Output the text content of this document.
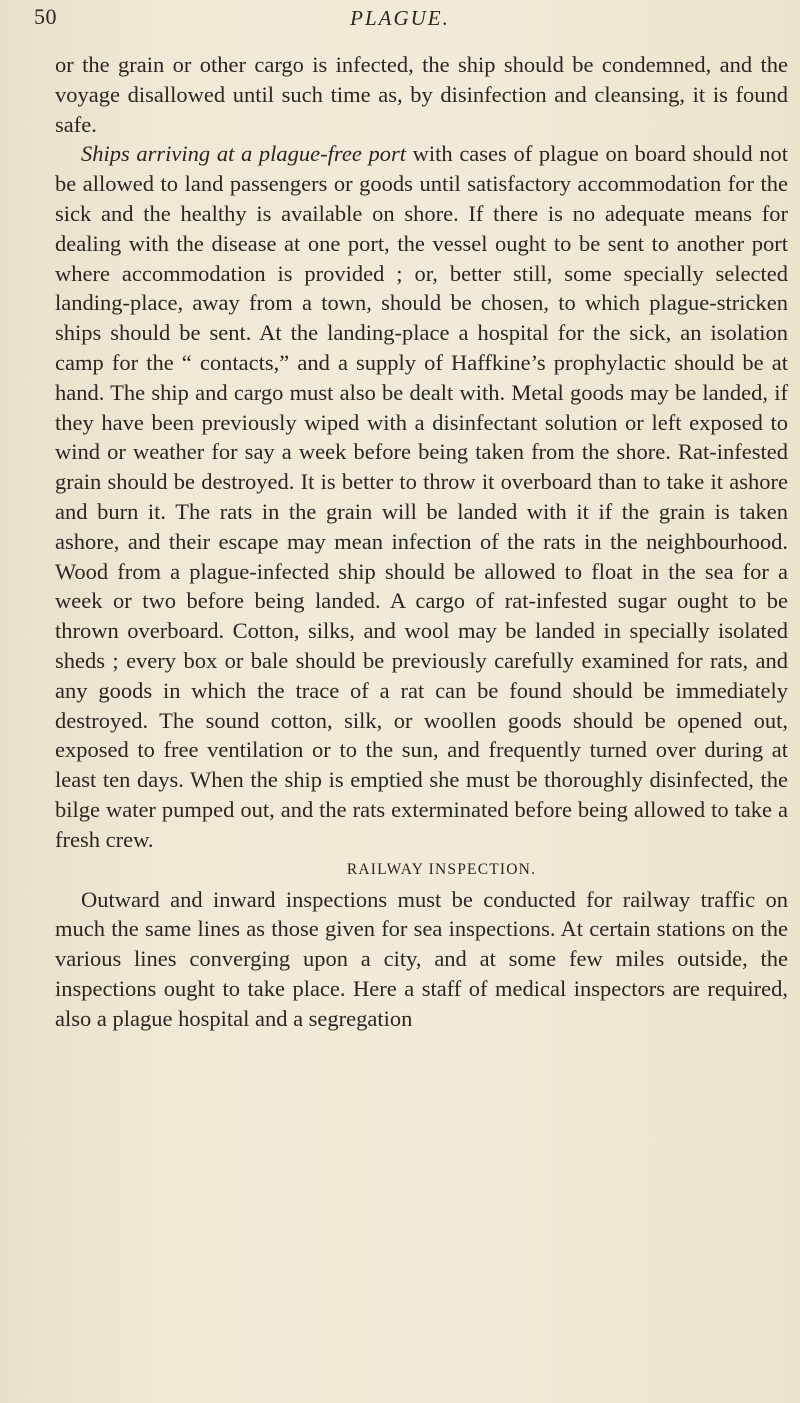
50	PLAGUE.

or the grain or other cargo is infected, the ship should be condemned, and the voyage disallowed until such time as, by disinfection and cleansing, it is found safe.

Ships arriving at a plague-free port with cases of plague on board should not be allowed to land passengers or goods until satisfactory accommodation for the sick and the healthy is available on shore. If there is no adequate means for dealing with the disease at one port, the vessel ought to be sent to another port where accommodation is provided ; or, better still, some specially selected landing-place, away from a town, should be chosen, to which plague-stricken ships should be sent. At the landing-place a hospital for the sick, an isolation camp for the “ contacts,” and a supply of Haffkine’s prophylactic should be at hand. The ship and cargo must also be dealt with. Metal goods may be landed, if they have been previously wiped with a disinfectant solution or left exposed to wind or weather for say a week before being taken from the shore. Rat-infested grain should be destroyed. It is better to throw it overboard than to take it ashore and burn it. The rats in the grain will be landed with it if the grain is taken ashore, and their escape may mean infection of the rats in the neighbourhood. Wood from a plague-infected ship should be allowed to float in the sea for a week or two before being landed. A cargo of rat-infested sugar ought to be thrown overboard. Cotton, silks, and wool may be landed in specially isolated sheds ; every box or bale should be previously carefully examined for rats, and any goods in which the trace of a rat can be found should be immediately destroyed. The sound cotton, silk, or woollen goods should be opened out, exposed to free ventilation or to the sun, and frequently turned over during at least ten days. When the ship is emptied she must be thoroughly disinfected, the bilge water pumped out, and the rats exterminated before being allowed to take a fresh crew.

RAILWAY INSPECTION.

Outward and inward inspections must be conducted for railway traffic on much the same lines as those given for sea inspections. At certain stations on the various lines converging upon a city, and at some few miles outside, the inspections ought to take place. Here a staff of medical inspectors are required, also a plague hospital and a segregation
